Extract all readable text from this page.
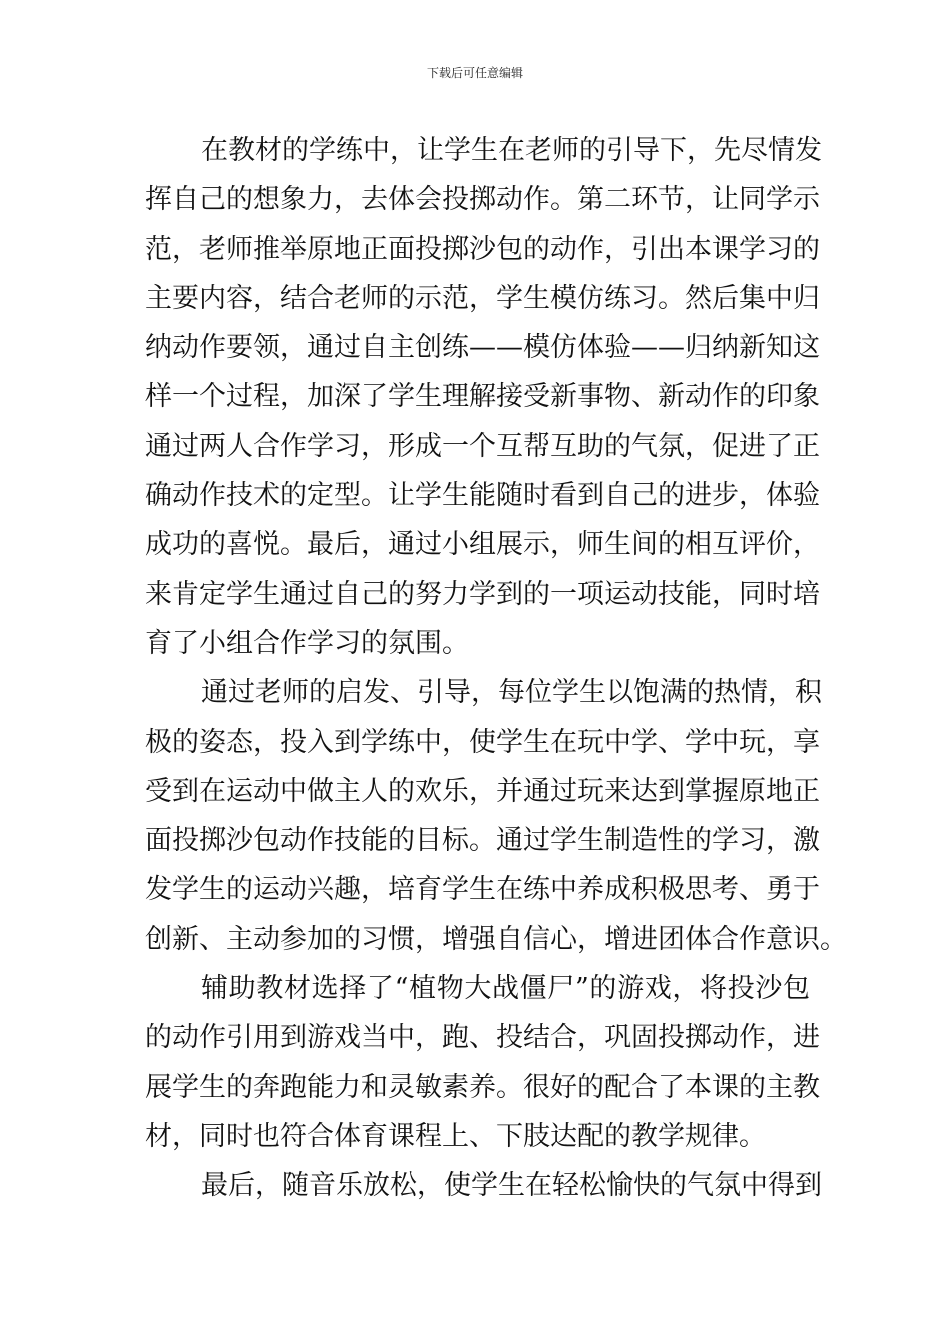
下载后可任意编辑
在教材的学练中，让学生在老师的引导下，先尽情发
挥自己的想象力，去体会投掷动作。第二环节，让同学示
范，老师推举原地正面投掷沙包的动作，引出本课学习的
主要内容，结合老师的示范，学生模仿练习。然后集中归
纳动作要领，通过自主创练——模仿体验——归纳新知这
样一个过程，加深了学生理解接受新事物、新动作的印象
通过两人合作学习，形成一个互帮互助的气氛，促进了正
确动作技术的定型。让学生能随时看到自己的进步，体验
成功的喜悦。最后，通过小组展示，师生间的相互评价，
来肯定学生通过自己的努力学到的一项运动技能，同时培
育了小组合作学习的氛围。
通过老师的启发、引导，每位学生以饱满的热情，积
极的姿态，投入到学练中，使学生在玩中学、学中玩，享
受到在运动中做主人的欢乐，并通过玩来达到掌握原地正
面投掷沙包动作技能的目标。通过学生制造性的学习，激
发学生的运动兴趣，培育学生在练中养成积极思考、勇于
创新、主动参加的习惯，增强自信心，增进团体合作意识。
辅助教材选择了“植物大战僵尸”的游戏，将投沙包
的动作引用到游戏当中，跑、投结合，巩固投掷动作，进
展学生的奔跑能力和灵敏素养。很好的配合了本课的主教
材，同时也符合体育课程上、下肢达配的教学规律。
最后，随音乐放松，使学生在轻松愉快的气氛中得到
